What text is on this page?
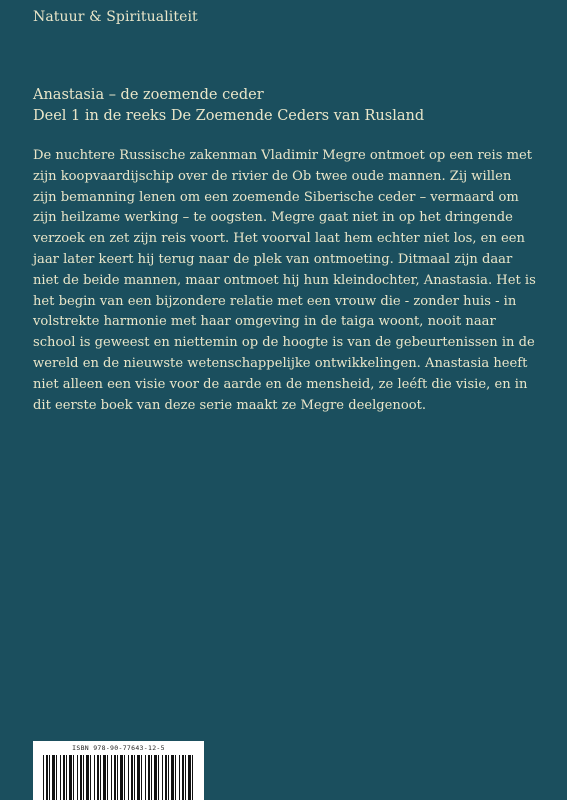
Natuur & Spiritualiteit
Anastasia – de zoemende ceder
Deel 1 in de reeks De Zoemende Ceders van Rusland

De nuchtere Russische zakenman Vladimir Megre ontmoet op een reis met zijn koopvaardijschip over de rivier de Ob twee oude mannen. Zij willen zijn bemanning lenen om een zoemende Siberische ceder – vermaard om zijn heilzame werking – te oogsten. Megre gaat niet in op het dringende verzoek en zet zijn reis voort. Het voorval laat hem echter niet los, en een jaar later keert hij terug naar de plek van ontmoeting. Ditmaal zijn daar niet de beide mannen, maar ontmoet hij hun kleindochter, Anastasia. Het is het begin van een bijzondere relatie met een vrouw die - zonder huis - in volstrekte harmonie met haar omgeving in de taiga woont, nooit naar school is geweest en niettemin op de hoogte is van de gebeurtenissen in de wereld en de nieuwste wetenschappelijke ontwikkelingen. Anastasia heeft niet alleen een visie voor de aarde en de mensheid, ze leéft die visie, en in dit eerste boek van deze serie maakt ze Megre deelgenoot.

ISBN 978-90-77643-12-5
